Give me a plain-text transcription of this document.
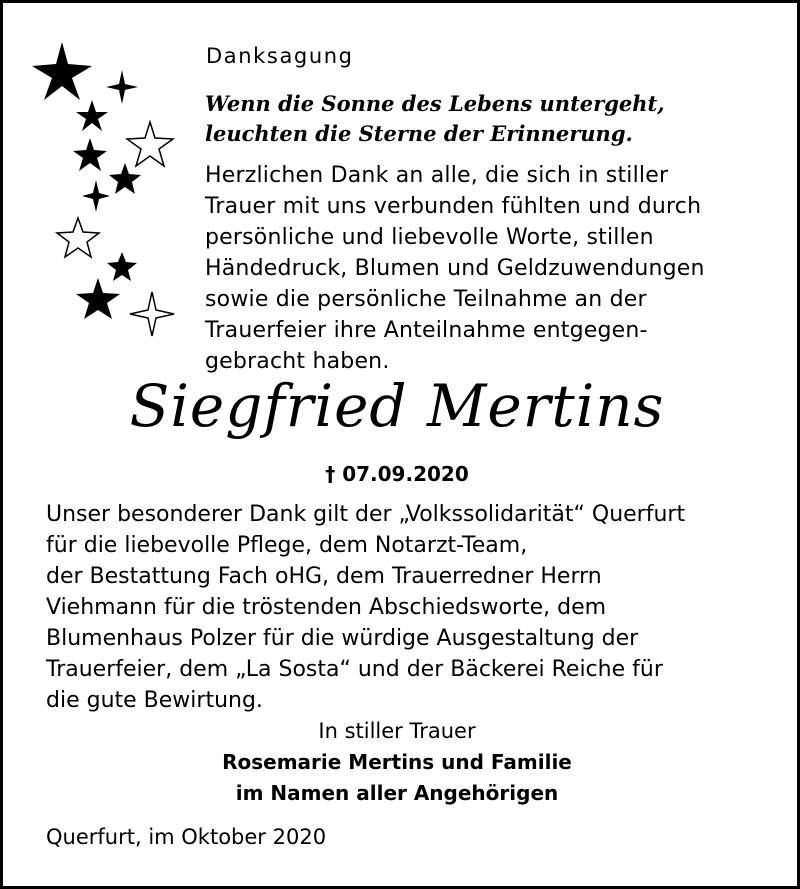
Danksagung
Wenn die Sonne des Lebens untergeht,
leuchten die Sterne der Erinnerung.
Herzlichen Dank an alle, die sich in stiller
Trauer mit uns verbunden fühlten und durch
persönliche und liebevolle Worte, stillen
Händedruck, Blumen und Geldzuwendungen
sowie die persönliche Teilnahme an der
Trauerfeier ihre Anteilnahme entgegen-
gebracht haben.
Siegfried Mertins
† 07.09.2020
Unser besonderer Dank gilt der „Volkssolidarität“ Querfurt
für die liebevolle Pflege, dem Notarzt-Team,
der Bestattung Fach oHG, dem Trauerredner Herrn
Viehmann für die tröstenden Abschiedsworte, dem
Blumenhaus Polzer für die würdige Ausgestaltung der
Trauerfeier, dem „La Sosta“ und der Bäckerei Reiche für
die gute Bewirtung.
In stiller Trauer
Rosemarie Mertins und Familie
im Namen aller Angehörigen
Querfurt, im Oktober 2020
